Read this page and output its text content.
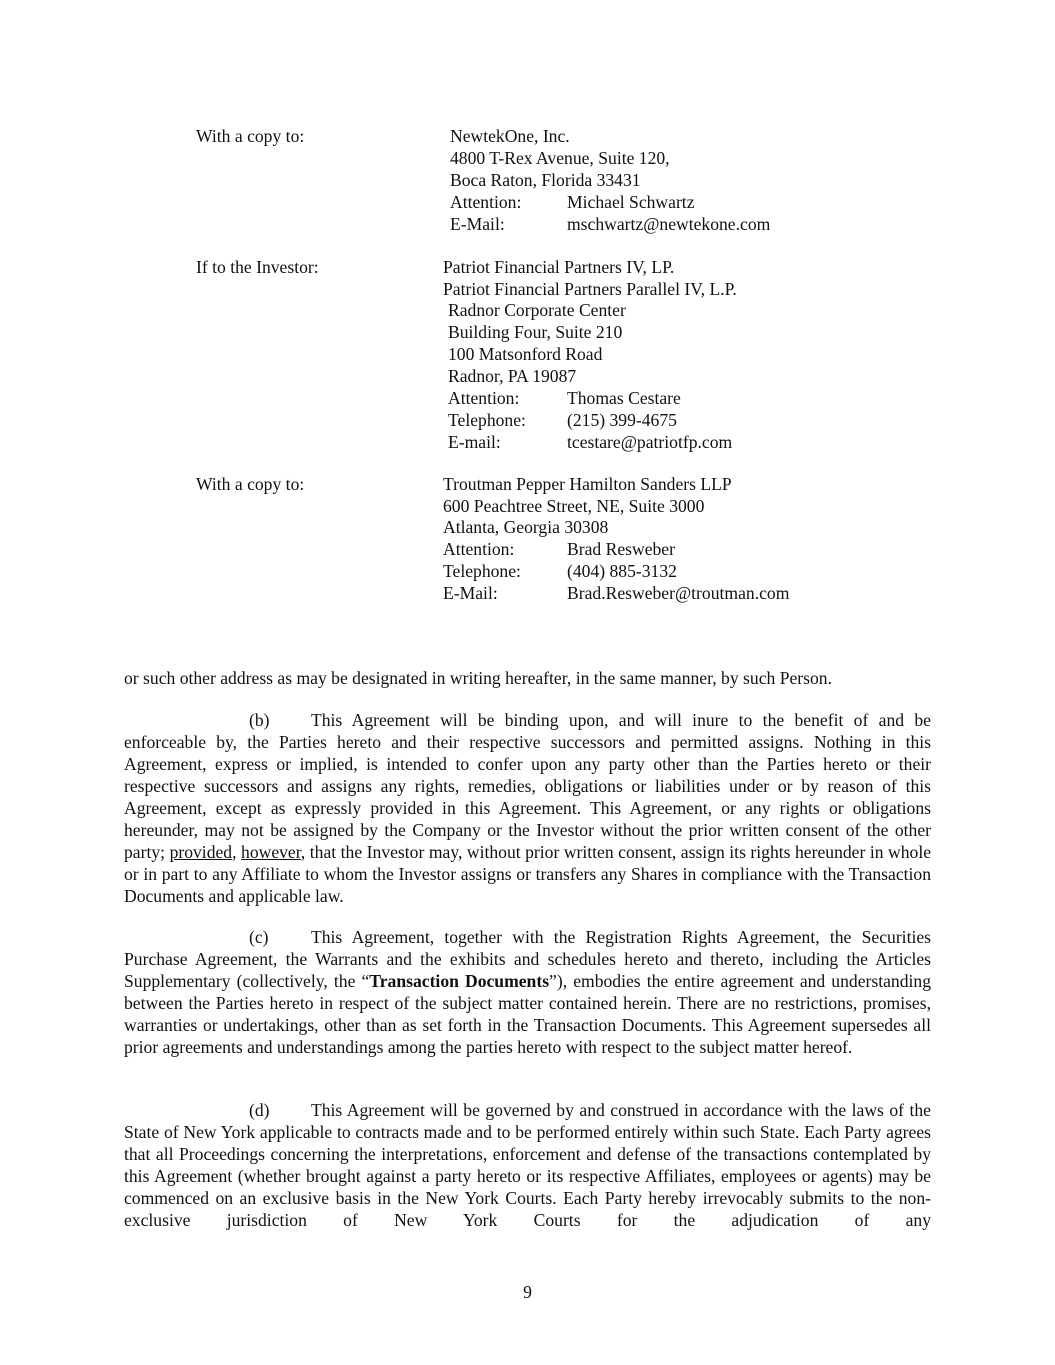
With a copy to:	NewtekOne, Inc.
4800 T-Rex Avenue, Suite 120,
Boca Raton, Florida 33431
Attention:	Michael Schwartz
E-Mail:	mschwartz@newtekone.com
If to the Investor:	Patriot Financial Partners IV, LP.
Patriot Financial Partners Parallel IV, L.P.
Radnor Corporate Center
Building Four, Suite 210
100 Matsonford Road
Radnor, PA 19087
Attention:	Thomas Cestare
Telephone: (215) 399-4675
E-mail:	tcestare@patriotfp.com
With a copy to:	Troutman Pepper Hamilton Sanders LLP
600 Peachtree Street, NE, Suite 3000
Atlanta, Georgia 30308
Attention:	Brad Resweber
Telephone:	(404) 885-3132
E-Mail:	Brad.Resweber@troutman.com
or such other address as may be designated in writing hereafter, in the same manner, by such Person.

(b) This Agreement will be binding upon, and will inure to the benefit of and be enforceable by, the Parties hereto and their respective successors and permitted assigns. Nothing in this Agreement, express or implied, is intended to confer upon any party other than the Parties hereto or their respective successors and assigns any rights, remedies, obligations or liabilities under or by reason of this Agreement, except as expressly provided in this Agreement. This Agreement, or any rights or obligations hereunder, may not be assigned by the Company or the Investor without the prior written consent of the other party; provided, however, that the Investor may, without prior written consent, assign its rights hereunder in whole or in part to any Affiliate to whom the Investor assigns or transfers any Shares in compliance with the Transaction Documents and applicable law.

(c) This Agreement, together with the Registration Rights Agreement, the Securities Purchase Agreement, the Warrants and the exhibits and schedules hereto and thereto, including the Articles Supplementary (collectively, the “Transaction Documents”), embodies the entire agreement and understanding between the Parties hereto in respect of the subject matter contained herein. There are no restrictions, promises, warranties or undertakings, other than as set forth in the Transaction Documents. This Agreement supersedes all prior agreements and understandings among the parties hereto with respect to the subject matter hereof.

(d) This Agreement will be governed by and construed in accordance with the laws of the State of New York applicable to contracts made and to be performed entirely within such State. Each Party agrees that all Proceedings concerning the interpretations, enforcement and defense of the transactions contemplated by this Agreement (whether brought against a party hereto or its respective Affiliates, employees or agents) may be commenced on an exclusive basis in the New York Courts. Each Party hereby irrevocably submits to the non-exclusive jurisdiction of New York Courts for the adjudication of any

9
